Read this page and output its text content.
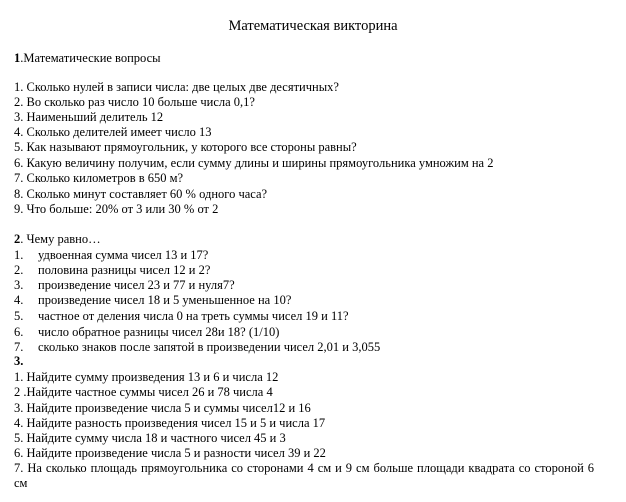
Математическая викторина
1.Математические вопросы
1. Сколько нулей в записи числа: две целых две десятичных?
2. Во сколько раз число 10 больше числа 0,1?
3. Наименьший делитель 12
4. Сколько делителей имеет число 13
5. Как называют прямоугольник, у которого все стороны равны?
6. Какую величину получим, если сумму длины и ширины прямоугольника умножим на 2
7. Сколько километров в 650 м?
8. Сколько минут составляет 60 % одного часа?
9. Что больше: 20% от 3 или 30 % от 2
2. Чему равно…
1. удвоенная сумма чисел 13 и 17?
2. половина разницы чисел 12 и 2?
3. произведение чисел 23 и 77 и нуля7?
4. произведение чисел 18 и 5 уменьшенное на 10?
5. частное от деления числа 0 на треть суммы чисел 19 и 11?
6. число обратное разницы чисел 28и 18? (1/10)
7. сколько знаков после запятой в произведении чисел 2,01 и 3,055
3.
1. Найдите сумму произведения 13 и 6 и числа 12
2 .Найдите частное суммы чисел 26 и 78 числа 4
3. Найдите произведение числа 5 и суммы чисел12 и 16
4. Найдите разность произведения чисел 15 и 5 и числа 17
5. Найдите сумму числа 18 и частного чисел 45 и 3
6. Найдите произведение числа 5 и разности чисел 39 и 22
7. На сколько площадь прямоугольника со сторонами 4 см и 9 см больше площади квадрата со стороной 6 см
